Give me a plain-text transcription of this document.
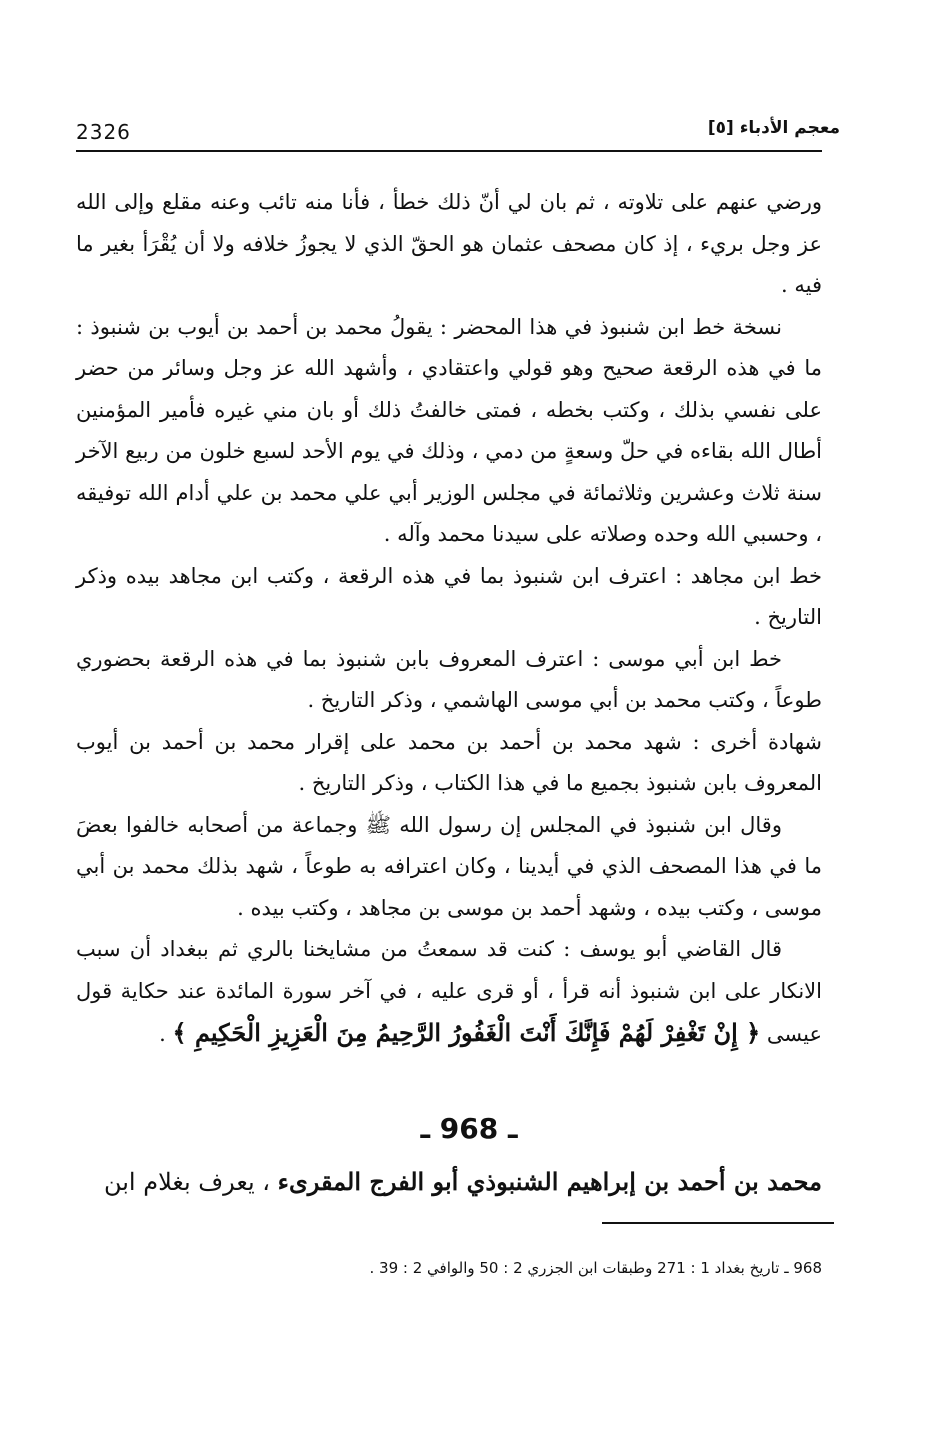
2326	معجم الأدباء [٥]

ورضي عنهم على تلاوته ، ثم بان لي أنّ ذلك خطأ ، فأنا منه تائب وعنه مقلع وإلى الله عز وجل بريء ، إذ كان مصحف عثمان هو الحقّ الذي لا يجوزُ خلافه ولا أن يُقْرَأ بغير ما فيه .

نسخة خط ابن شنبوذ في هذا المحضر : يقولُ محمد بن أحمد بن أيوب بن شنبوذ : ما في هذه الرقعة صحيح وهو قولي واعتقادي ، وأشهد الله عز وجل وسائر من حضر على نفسي بذلك ، وكتب بخطه ، فمتى خالفتُ ذلك أو بان مني غيره فأمير المؤمنين أطال الله بقاءه في حلّ وسعةٍ من دمي ، وذلك في يوم الأحد لسبع خلون من ربيع الآخر سنة ثلاث وعشرين وثلاثمائة في مجلس الوزير أبي علي محمد بن علي أدام الله توفيقه ، وحسبي الله وحده وصلاته على سيدنا محمد وآله .

خط ابن مجاهد : اعترف ابن شنبوذ بما في هذه الرقعة ، وكتب ابن مجاهد بيده وذكر التاريخ .

خط ابن أبي موسى : اعترف المعروف بابن شنبوذ بما في هذه الرقعة بحضوري طوعاً ، وكتب محمد بن أبي موسى الهاشمي ، وذكر التاريخ .

شهادة أخرى : شهد محمد بن أحمد بن محمد على إقرار محمد بن أحمد بن أيوب المعروف بابن شنبوذ بجميع ما في هذا الكتاب ، وذكر التاريخ .

وقال ابن شنبوذ في المجلس إن رسول الله ﷺ وجماعة من أصحابه خالفوا بعضَ ما في هذا المصحف الذي في أيدينا ، وكان اعترافه به طوعاً ، شهد بذلك محمد بن أبي موسى ، وكتب بيده ، وشهد أحمد بن موسى بن مجاهد ، وكتب بيده .

قال القاضي أبو يوسف : كنت قد سمعتُ من مشايخنا بالري ثم ببغداد أن سبب الانكار على ابن شنبوذ أنه قرأ ، أو قرى عليه ، في آخر سورة المائدة عند حكاية قول عيسى ﴿ إِنْ تَغْفِرْ لَهُمْ فَإِنَّكَ أَنْتَ الْغَفُورُ الرَّحِيمُ مِنَ الْعَزِيزِ الْحَكِيمِ ﴾ .

ـ 968 ـ
محمد بن أحمد بن إبراهيم الشنبوذي أبو الفرج المقرىء ، يعرف بغلام ابن
968 ـ تاريخ بغداد 1 : 271 وطبقات ابن الجزري 2 : 50 والوافي 2 : 39 .
